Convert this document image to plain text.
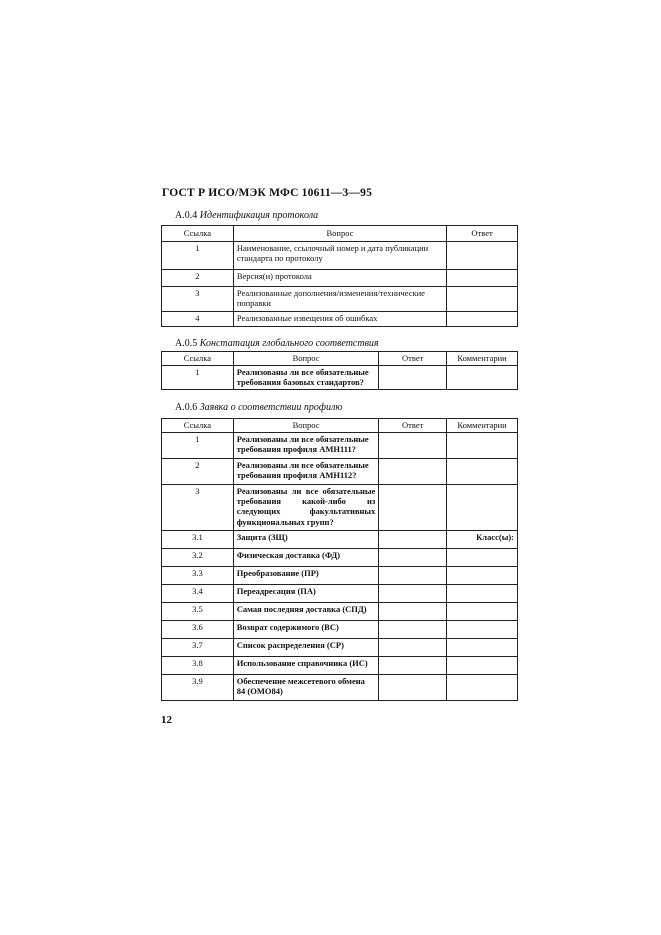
ГОСТ Р ИСО/МЭК МФС 10611—3—95
А.0.4 Идентификация протокола
Ссылка	Вопрос	Ответ
1	Наименование, ссылочный номер и дата публикации стандарта по протоколу	
2	Версия(и) протокола	
3	Реализованные дополнения/изменения/технические поправки	
4	Реализованные извещения об ошибках	
А.0.5 Констатация глобального соответствия
Ссылка	Вопрос	Ответ	Комментарии
1	Реализованы ли все обязательные требования базовых стандартов?		
А.0.6 Заявка о соответствии профилю
Ссылка	Вопрос	Ответ	Комментарии
1	Реализованы ли все обязательные требования профиля АМН111?		
2	Реализованы ли все обязательные требования профиля АМН112?		
3	Реализованы ли все обязательные требования какой-либо из следующих факультативных функциональных групп?		
3.1	Защита (ЗЩ)		Класс(ы):
3.2	Физическая доставка (ФД)		
3.3	Преобразование (ПР)		
3.4	Переадресация (ПА)		
3.5	Самая последняя доставка (СПД)		
3.6	Возврат содержимого (ВС)		
3.7	Список распределения (СР)		
3.8	Использование справочника (ИС)		
3.9	Обеспечение межсетевого обмена 84 (ОМО84)		
12
